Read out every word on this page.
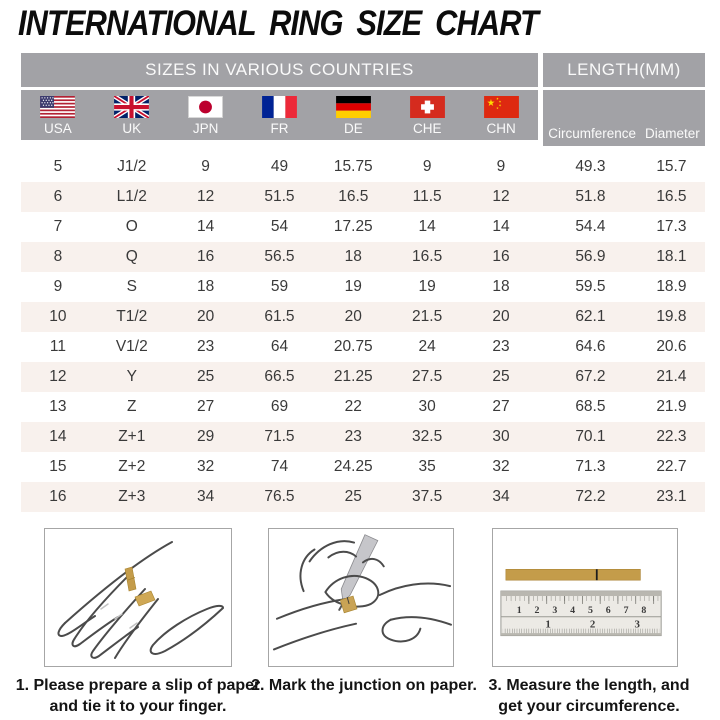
INTERNATIONAL RING SIZE CHART
SIZES IN VARIOUS COUNTRIES
USA	UK	JPN	FR	DE	CHE	CHN
LENGTH(MM)
Circumference Diameter
5	J1/2	9	49	15.75	9	9	49.3	15.7
6	L1/2	12	51.5	16.5	11.5	12	51.8	16.5
7	O	14	54	17.25	14	14	54.4	17.3
8	Q	16	56.5	18	16.5	16	56.9	18.1
9	S	18	59	19	19	18	59.5	18.9
10	T1/2	20	61.5	20	21.5	20	62.1	19.8
11	V1/2	23	64	20.75	24	23	64.6	20.6
12	Y	25	66.5	21.25	27.5	25	67.2	21.4
13	Z	27	69	22	30	27	68.5	21.9
14	Z+1	29	71.5	23	32.5	30	70.1	22.3
15	Z+2	32	74	24.25	35	32	71.3	22.7
16	Z+3	34	76.5	25	37.5	34	72.2	23.1
1 2 3 4 5 6 7 8
1	2	3
1. Please prepare a slip of paper
and tie it to your finger.
2. Mark the junction on paper. 3. Measure the length, and
get your circumference.
